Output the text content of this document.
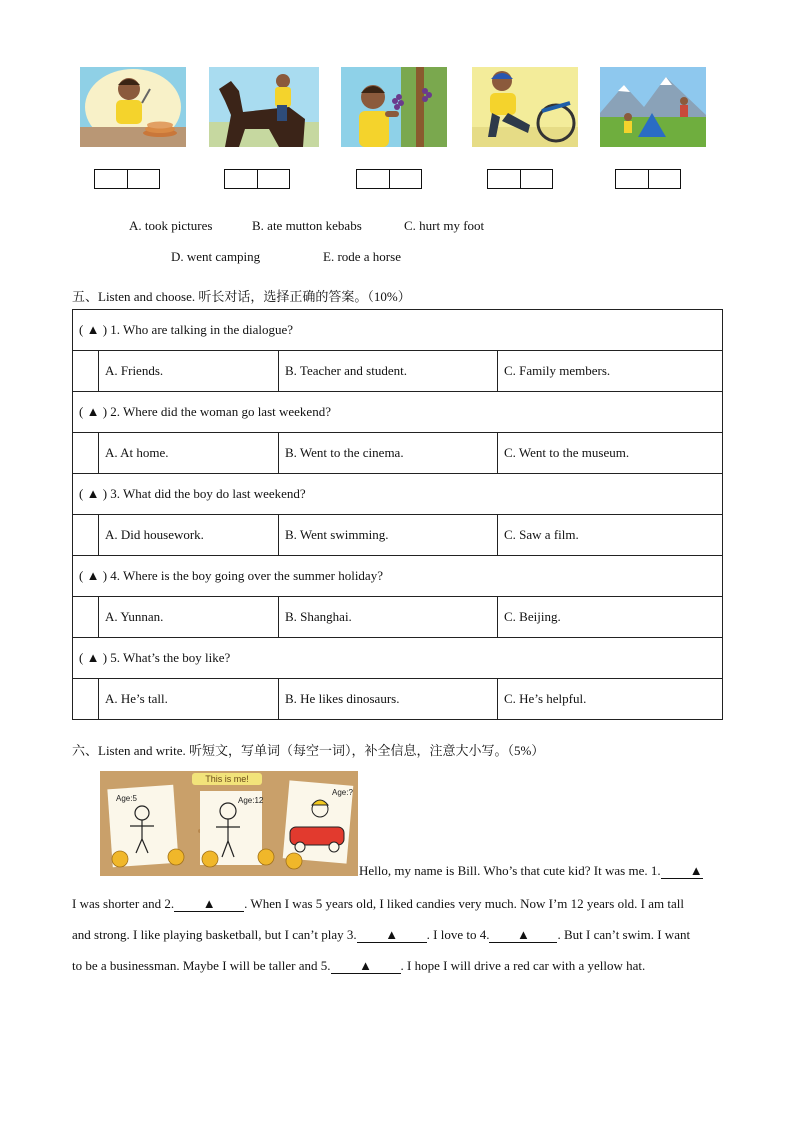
A. took pictures	B. ate mutton kebabs	C. hurt my foot
D. went camping	E. rode a horse
五、Listen and choose. 听长对话，选择正确的答案。（10%）
( ▲ ) 1. Who are talking in the dialogue?			
	A. Friends.	B. Teacher and student.	C. Family members.
( ▲ ) 2. Where did the woman go last weekend?			
	A. At home.	B. Went to the cinema.	C. Went to the museum.
( ▲ ) 3. What did the boy do last weekend?			
	A. Did housework.	B. Went swimming.	C. Saw a film.
( ▲ ) 4. Where is the boy going over the summer holiday?			
	A. Yunnan.	B. Shanghai.	C. Beijing.
( ▲ ) 5. What’s the boy like?			
	A. He’s tall.	B. He likes dinosaurs.	C. He’s helpful.
六、Listen and write. 听短文，写单词（每空一词），补全信息，注意大小写。（5%）
This is me!
Age:5	Age:12
Age:?
Hello, my name is Bill. Who’s that cute kid? It was me. 1. ▲
I was shorter and 2. ▲ . When I was 5 years old, I liked candies very much. Now I’m 12 years old. I am tall
and strong. I like playing basketball, but I can’t play 3. ▲ . I love to 4. ▲ . But I can’t swim. I want
to be a businessman. Maybe I will be taller and 5. ▲ . I hope I will drive a red car with a yellow hat.
